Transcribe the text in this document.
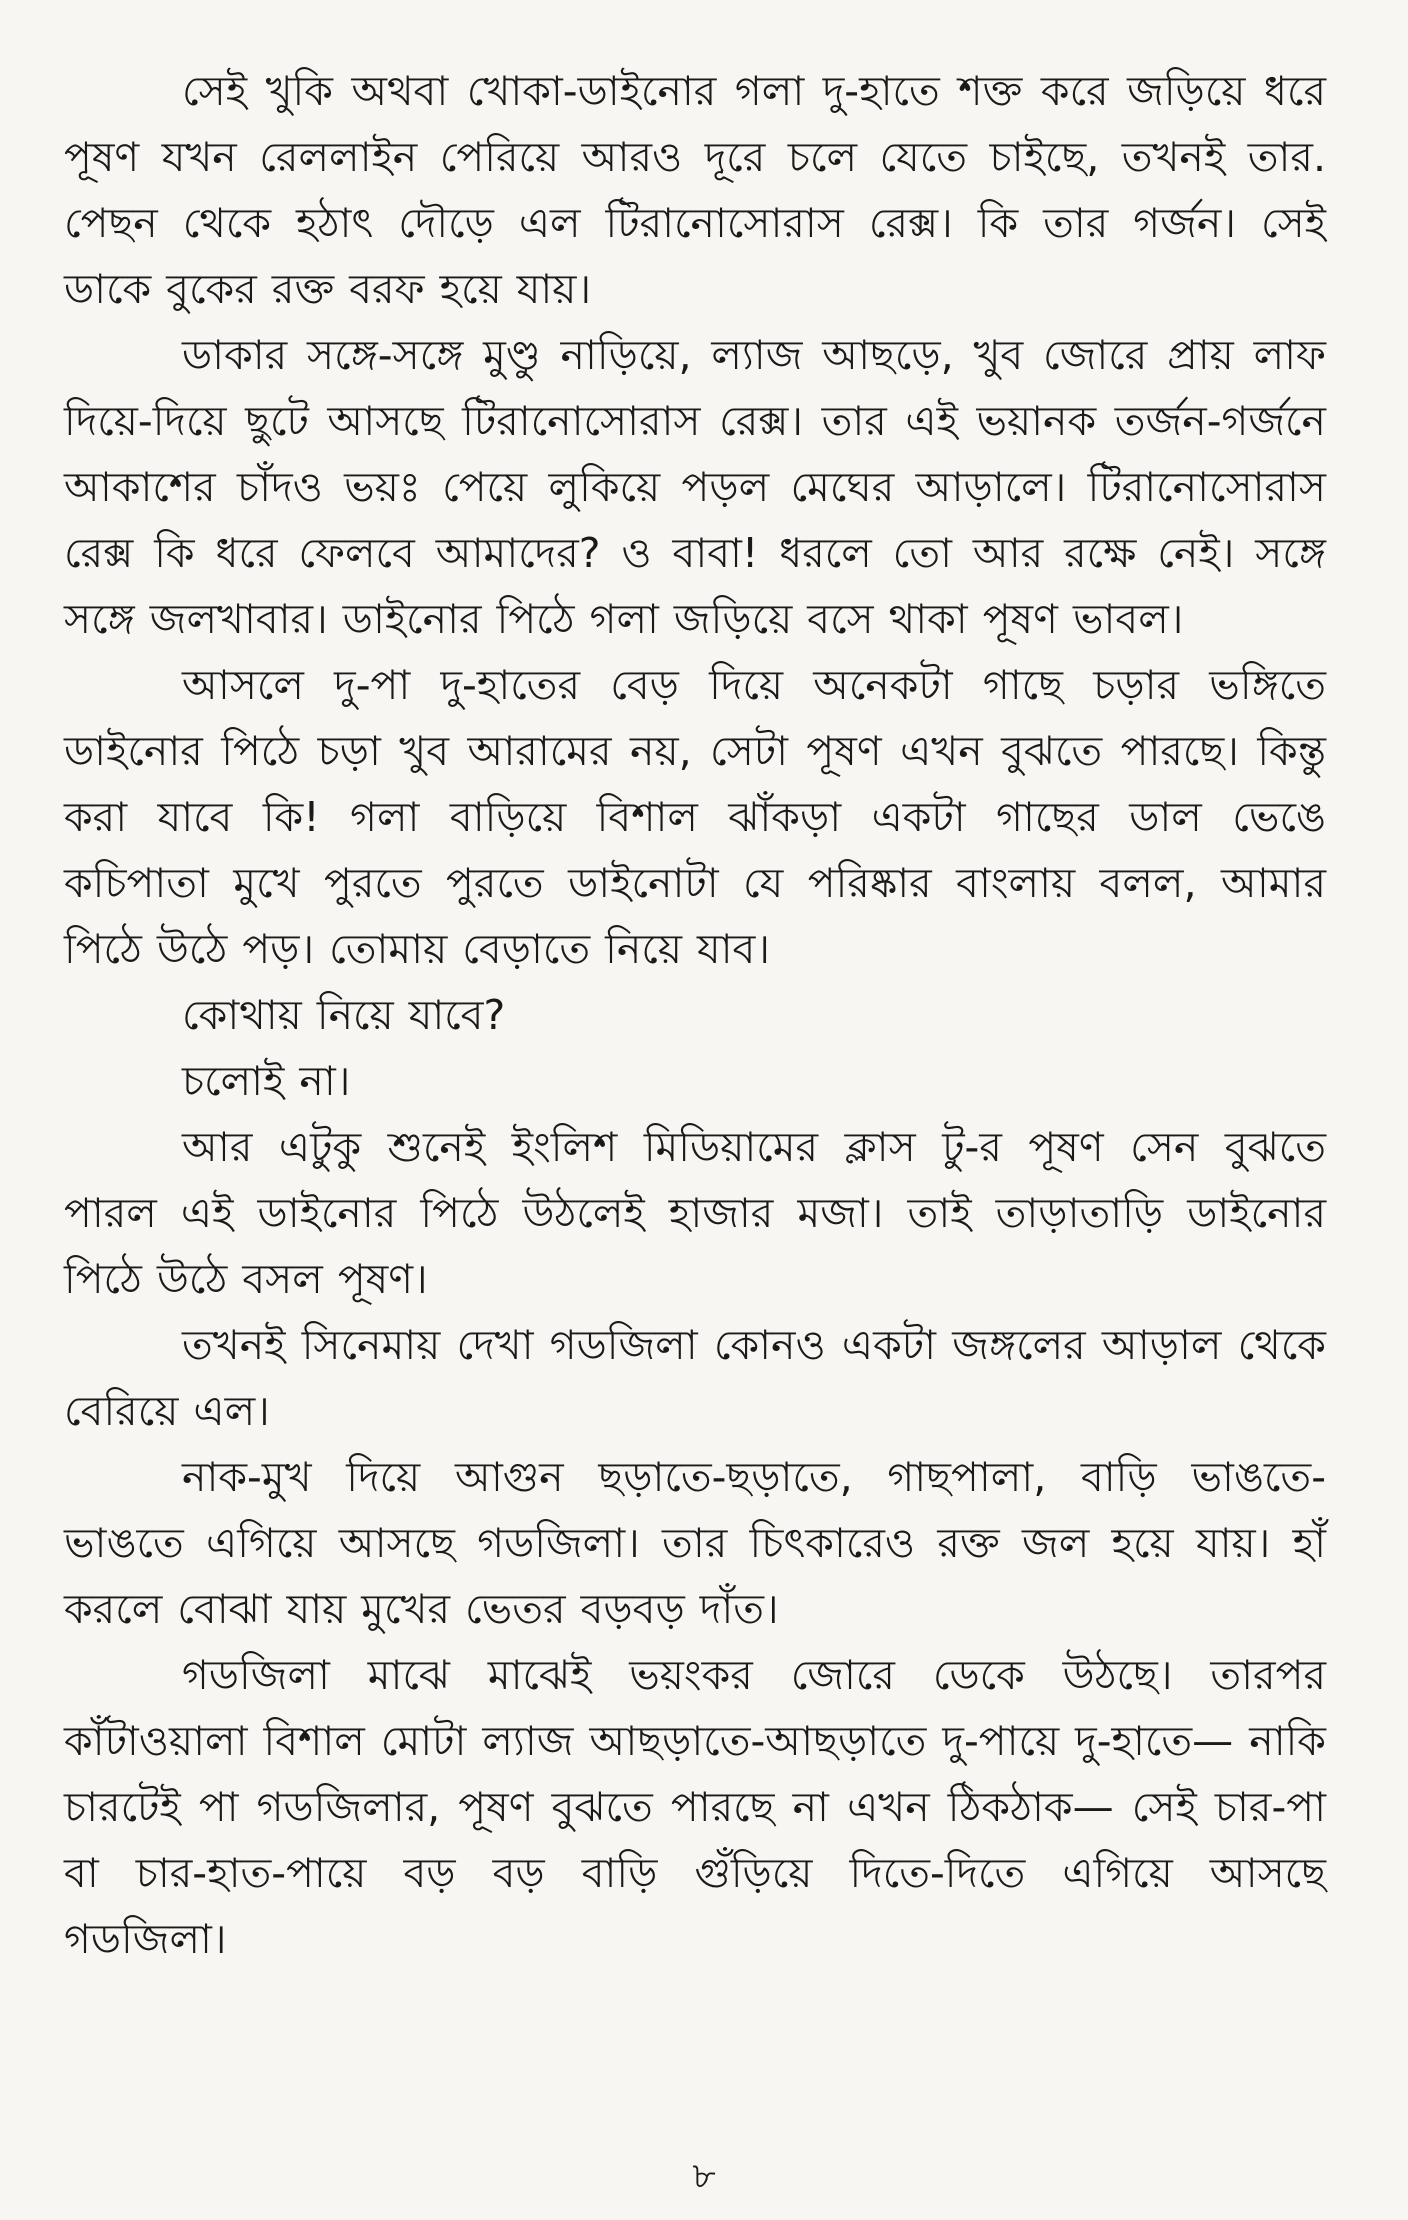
সেই খুকি অথবা খোকা-ডাইনোর গলা দু-হাতে শক্ত করে জড়িয়ে ধরে পূষণ যখন রেললাইন পেরিয়ে আরও দূরে চলে যেতে চাইছে, তখনই তার. পেছন থেকে হঠাৎ দৌড়ে এল টিরানোসোরাস রেক্স। কি তার গর্জন। সেই ডাকে বুকের রক্ত বরফ হয়ে যায়।

ডাকার সঙ্গে-সঙ্গে মুণ্ডু নাড়িয়ে, ল্যাজ আছড়ে, খুব জোরে প্রায় লাফ দিয়ে-দিয়ে ছুটে আসছে টিরানোসোরাস রেক্স। তার এই ভয়ানক তর্জন-গর্জনে আকাশের চাঁদও ভয়ঃ পেয়ে লুকিয়ে পড়ল মেঘের আড়ালে। টিরানোসোরাস রেক্স কি ধরে ফেলবে আমাদের? ও বাবা! ধরলে তো আর রক্ষে নেই। সঙ্গে সঙ্গে জলখাবার। ডাইনোর পিঠে গলা জড়িয়ে বসে থাকা পূষণ ভাবল।

আসলে দু-পা দু-হাতের বেড় দিয়ে অনেকটা গাছে চড়ার ভঙ্গিতে ডাইনোর পিঠে চড়া খুব আরামের নয়, সেটা পূষণ এখন বুঝতে পারছে। কিন্তু করা যাবে কি! গলা বাড়িয়ে বিশাল ঝাঁকড়া একটা গাছের ডাল ভেঙে কচিপাতা মুখে পুরতে পুরতে ডাইনোটা যে পরিষ্কার বাংলায় বলল, আমার পিঠে উঠে পড়। তোমায় বেড়াতে নিয়ে যাব।

কোথায় নিয়ে যাবে?

চলোই না।

আর এটুকু শুনেই ইংলিশ মিডিয়ামের ক্লাস টু-র পূষণ সেন বুঝতে পারল এই ডাইনোর পিঠে উঠলেই হাজার মজা। তাই তাড়াতাড়ি ডাইনোর পিঠে উঠে বসল পূষণ।

তখনই সিনেমায় দেখা গডজিলা কোনও একটা জঙ্গলের আড়াল থেকে বেরিয়ে এল।

নাক-মুখ দিয়ে আগুন ছড়াতে-ছড়াতে, গাছপালা, বাড়ি ভাঙতে-ভাঙতে এগিয়ে আসছে গডজিলা। তার চিৎকারেও রক্ত জল হয়ে যায়। হাঁ করলে বোঝা যায় মুখের ভেতর বড়বড় দাঁত।

গডজিলা মাঝে মাঝেই ভয়ংকর জোরে ডেকে উঠছে। তারপর কাঁটাওয়ালা বিশাল মোটা ল্যাজ আছড়াতে-আছড়াতে দু-পায়ে দু-হাতে— নাকি চারটেই পা গডজিলার, পূষণ বুঝতে পারছে না এখন ঠিকঠাক— সেই চার-পা বা চার-হাত-পায়ে বড় বড় বাড়ি গুঁড়িয়ে দিতে-দিতে এগিয়ে আসছে গডজিলা।

৮
